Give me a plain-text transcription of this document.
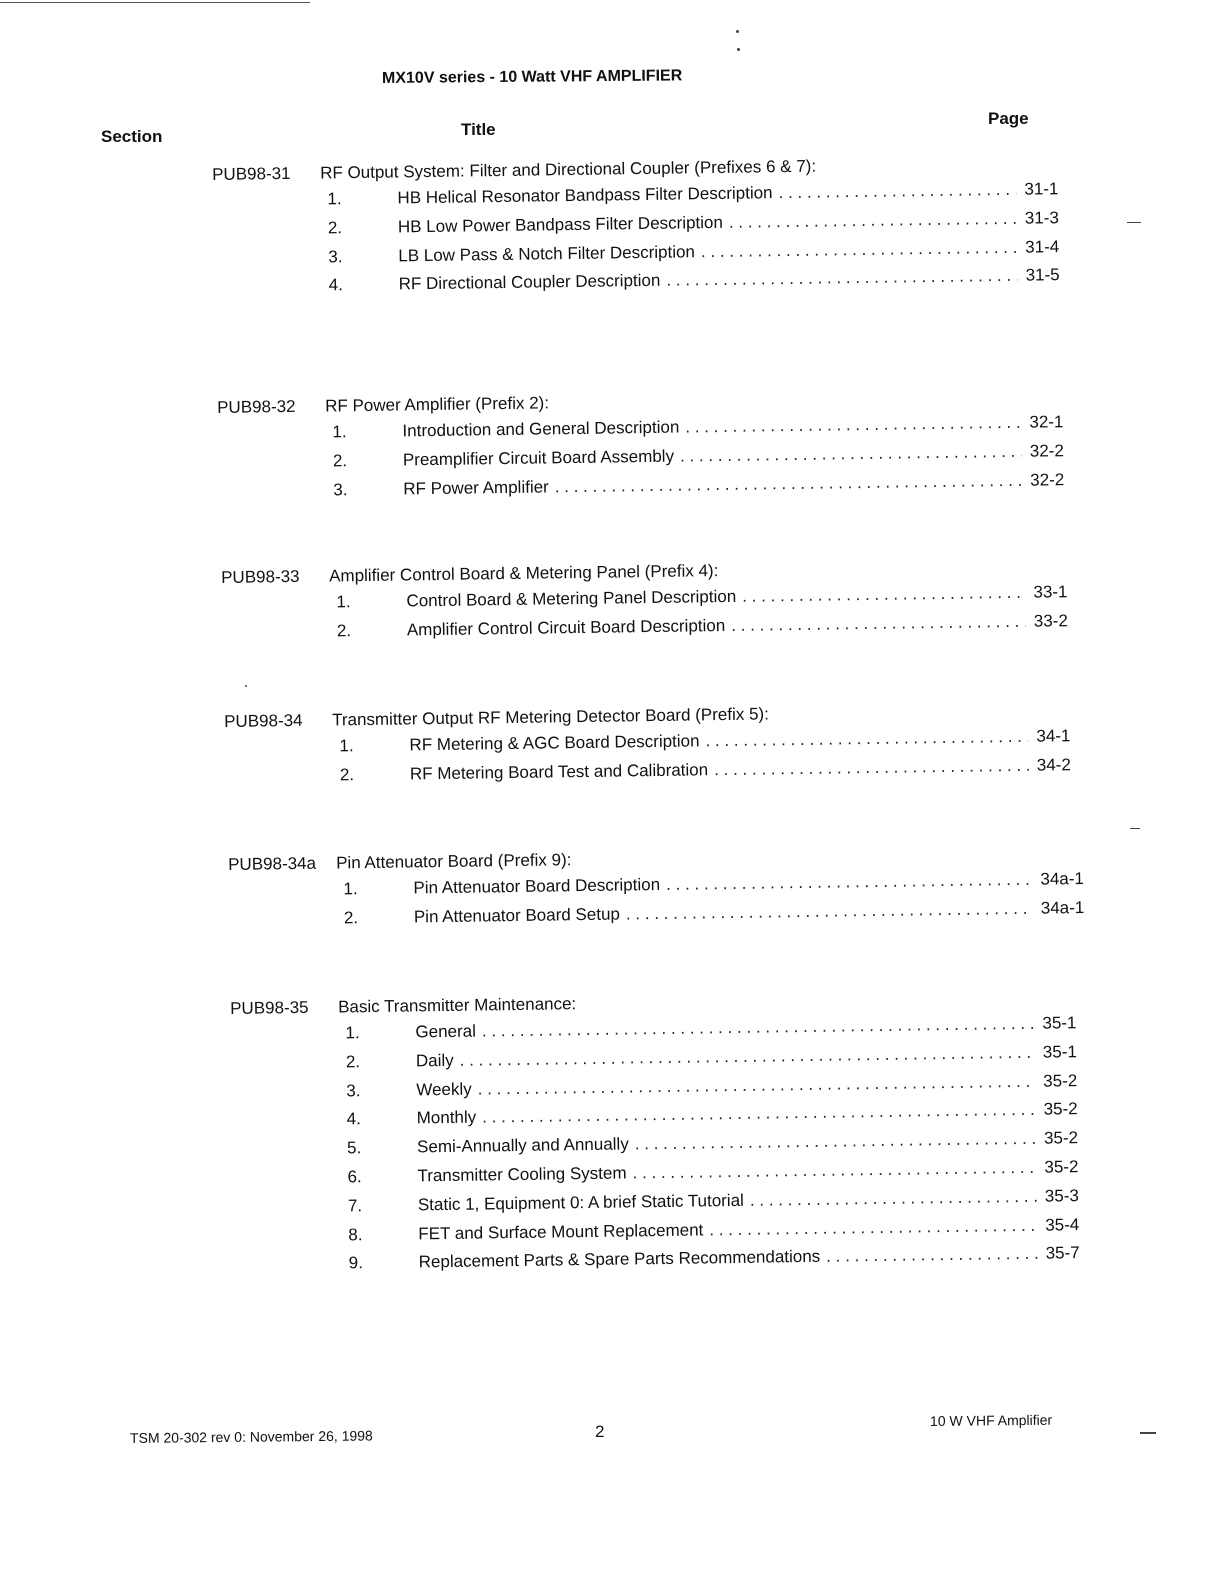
MX10V series - 10 Watt VHF AMPLIFIER
Section	Title
Page
PUB98-31	RF Output System: Filter and Directional Coupler (Prefixes 6 & 7):
1.	HB Helical Resonator Bandpass Filter Description . . .	31-1
2.	HB Low Power Bandpass Filter Description . . .	31-3
3.	LB Low Pass & Notch Filter Description . . .	31-4
4.	RF Directional Coupler Description . . .	31-5
PUB98-32	RF Power Amplifier (Prefix 2):
1.	Introduction and General Description . . .	32-1
2.	Preamplifier Circuit Board Assembly . . .	32-2
3.	RF Power Amplifier . . .	32-2
PUB98-33	Amplifier Control Board & Metering Panel (Prefix 4):
1.	Control Board & Metering Panel Description . . .	33-1
2.	Amplifier Control Circuit Board Description . . .	33-2
PUB98-34	Transmitter Output RF Metering Detector Board (Prefix 5):
1.	RF Metering & AGC Board Description . . .	34-1
2.	RF Metering Board Test and Calibration . . .	34-2
PUB98-34a	Pin Attenuator Board (Prefix 9):
1.	Pin Attenuator Board Description . . .	34a-1
2.	Pin Attenuator Board Setup . . .	34a-1
PUB98-35	Basic Transmitter Maintenance:
1.	General . . .	35-1
2.	Daily . . .	35-1
3.	Weekly . . .	35-2
4.	Monthly . . .	35-2
5.	Semi-Annually and Annually . . .	35-2
6.	Transmitter Cooling System . . .	35-2
7.	Static 1, Equipment 0: A brief Static Tutorial . . .	35-3
8.	FET and Surface Mount Replacement . . .	35-4
9.	Replacement Parts & Spare Parts Recommendations . . .	35-7
TSM 20-302 rev 0: November 26, 1998	2
10 W VHF Amplifier
